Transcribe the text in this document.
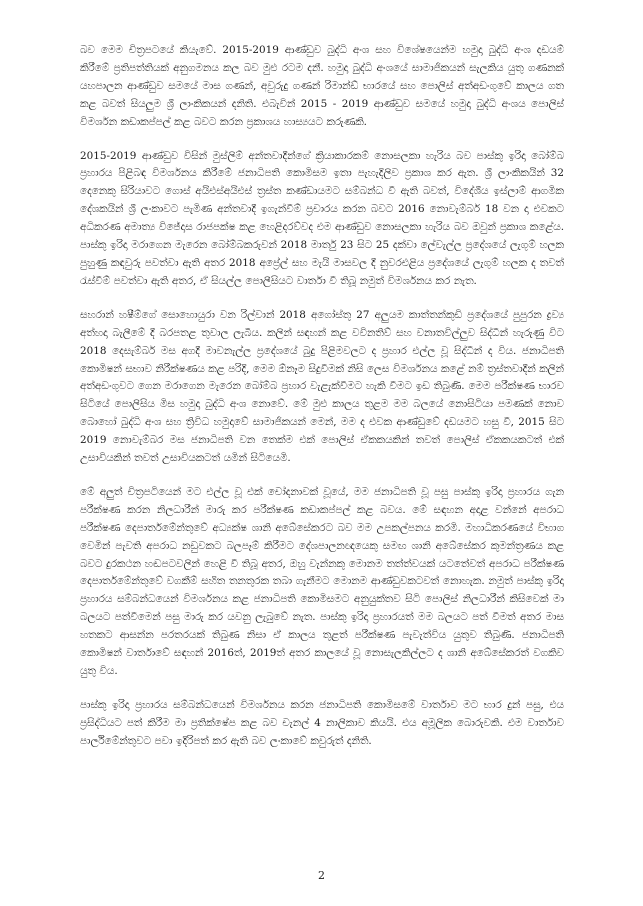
බව මෙම චිත්‍රපටයේ කියැවේ. 2015-2019 ආණ්ඩුව බුද්ධි අංශ සහ විශේෂයෙන්ම හමුදා බුද්ධි අංශ දඩයම් කිරීමේ ප්‍රතිපත්තියක් අනුගමනය කල බව මුළු රටම දනී. හමුදා බුද්ධි අංශයේ සාමාජිකයන් සැලකිය යුතු ගණනක් යහපාලන ආණ්ඩුව සමයේ මාස ගණන්, අවුරුදු ගණන් රිමාන්ඩ් භාරයේ සහ පොලිස් අත්අඩංගුවේ කාලය ගත කළ බවත් සියලුම ශ්‍රී ලාංකිකයන් දනිති. එබැවින් 2015 - 2019 ආණ්ඩුව සමයේ හමුදා බුද්ධි අංශය පොලිස් විමර්ශන කඩාකප්පල් කළ බවට කරන ප්‍රකාශය හාස්‍යයට කරුණකි.

2015-2019 ආණ්ඩුව විසින් මුස්ලිම් අන්තවාදීන්ගේ ක්‍රියාකාරකම් නොසලකා හැරිය බව පාස්කු ඉරිදා බෝම්බ ප්‍රහාරය පිළිබඳ විමර්ශනය කිරීමේ ජනාධිපති කොමිසම ඉතා පැහැදිලිව ප්‍රකාශ කර ඇත. ශ්‍රී ලාංකිකයින් 32 දෙනෙකු සිරියාවට ගොස් අයිඑස්අයිඑස් ත්‍රස්ත කණ්ඩායමට සම්බන්ධ වී ඇති බවත්, විදේශීය ඉස්ලාම් ආගමික දේශකයින් ශ්‍රී ලංකාවට පැමිණ අන්තවාදී ඉගැන්වීම් ප්‍රචාරය කරන බවට 2016 නොවැම්බර් 18 වන දා එවකට අධිකරණ අමාත්‍ය විජේදාස රාජපක්ෂ කළ හෙළිදරව්වද එම ආණ්ඩුව නොසලකා හැරිය බව ඔවුන් ප්‍රකාශ කළේය. පාස්කු ඉරිදා මරාගෙන මැරෙන බෝම්බකරුවන් 2018 මාර්තු 23 සිට 25 දක්වා ලේවැල්ල ප්‍රදේශයේ ලැගුම් හලක පුහුණු කඳවුරු පවත්වා ඇති අතර 2018 අප්‍රේල් සහ මැයි මාසවල දී නුවරඑළිය ප්‍රදේශයේ ලැගුම් හලක ද තවත් රැස්වීම් පවත්වා ඇති අතර, ඒ සියල්ල පොලීසියට වාර්තා වී තිබූ නමුත් විමර්ශනය කර නැත.

සහරාන් හෂීම්ගේ සොහොයුරා වන රිල්වාන් 2018 අගෝස්තු 27 අලුයම කාත්තන්කුඩි ප්‍රදේශයේ පුපුරන ද්‍රව්‍ය අත්හදා බැලීමේ දී බරපතළ තුවාල ලැබීය. කලින් සඳහන් කළ වවිනතිව් සහ වනාතවිල්ලුව සිද්ධීන් හැරුණු විට 2018 දෙසැම්බර් මස අගදී මාවනැල්ල ප්‍රදේශයේ බුදු පිළිමවලට ද ප්‍රහාර එල්ල වූ සිද්ධීන් ද විය. ජනාධිපති කොමිෂන් සභාව නිරීක්ෂණය කළ පරිදි, මෙම ඕනෑම සිදුවීමක් නිසි ලෙස විමර්ශනය කළේ නම් ත්‍රස්තවාදීන් කලින් අත්අඩංගුවට ගෙන මරාගෙන මැරෙන බෝම්බ ප්‍රහාර වැළැක්වීමට හැකි වීමට ඉඩ තිබුණි. මෙම පරීක්ෂණ භාරව සිටියේ පොලිසිය මිස හමුදා බුද්ධි අංශ නොවේ. මේ මුළු කාලය තුළම මම බලයේ නොසිටියා පමණක් නොව බොහෝ බුද්ධි අංශ සහ ත්‍රිවිධ හමුදාවේ සාමාජිකයන් මෙන්, මම ද එවක ආණ්ඩුවේ දඩයමට හසු වී, 2015 සිට 2019 නොවැම්බර මස ජනාධිපති වන තෙක්ම එක් පොලිස් ඒකකයකින් තවත් පොලිස් ඒකකයකටත් එක් උසාවියකින් තවත් උසාවියකටත් යමින් සිටියෙමි.

මේ අලුත් චිත්‍රපටියෙන් මට එල්ල වූ එක් චෝදනාවක් වූයේ, මම ජනාධිපති වූ පසු පාස්කු ඉරිදා ප්‍රහාරය ගැන පරීක්ෂණ කරන නිලධාරීන් මාරු කර පරීක්ෂණ කඩාකප්පල් කළ බවය. මේ සඳහන අදාළ වන්නේ අපරාධ පරීක්ෂණ දෙපාර්තමේන්තුවේ අධ්‍යක්ෂ ශානි අබේසේකරට බව මම උපකල්පනය කරමි. මහාධිකරණයේ විභාග වෙමින් පැවති අපරාධ නඩුවකට බලපෑම් කිරීමට දේශපාලනඥයෙකු සමඟ ශානි අබේසේකර කුමන්ත්‍රණය කළ බවට දුරකථන හඬපටවලින් හෙළි වී තිබූ අතර, ඔහු වැන්නකු මොනම තත්ත්වයක් යටතේවත් අපරාධ පරීක්ෂණ දෙපාර්තමේන්තුවේ වගකීම් සහිත තනතුරක තබා ගැනීමට මොනම ආණ්ඩුවකටවත් නොහැක. නමුත් පාස්කු ඉරිදා ප්‍රහාරය සම්බන්ධයෙන් විමර්ශනය කළ ජනාධිපති කොමිසමට අනුයුක්තව සිටි පොලිස් නිලධාරීන් කිසිවෙක් මා බලයට පත්වීමෙන් පසු මාරු කර යවනු ලැබුවේ නැත. පාස්කු ඉරිදා ප්‍රහාරයත් මම බලයට පත් වීමත් අතර මාස හතකට ආසන්න පරතරයක් තිබුණ නිසා ඒ කාලය තුළත් පරීක්ෂණ පැවැත්විය යුතුව තිබුණි. ජනාධිපති කොමිෂන් වාර්තාවේ සඳහන් 2016ත්, 2019ත් අතර කාලයේ වූ නොසැලකිල්ලට ද ශානි අබේසේකරත් වගකිව යුතු විය.

පාස්කු ඉරිදා ප්‍රහාරය සම්බන්ධයෙන් විමර්ශනය කරන ජනාධිපති කොමිසමේ වාර්තාව මට භාර දුන් පසු, එය ප්‍රසිද්ධියට පත් කිරීම මා ප්‍රතික්ෂේප කළ බව චැනල් 4 නාලිකාව කියයි. එය අමූලික බොරුවකි. එම වාර්තාව පාර්ලිමේන්තුවට පවා ඉදිරිපත් කර ඇති බව ලංකාවේ කවුරුත් දනිති.

2
